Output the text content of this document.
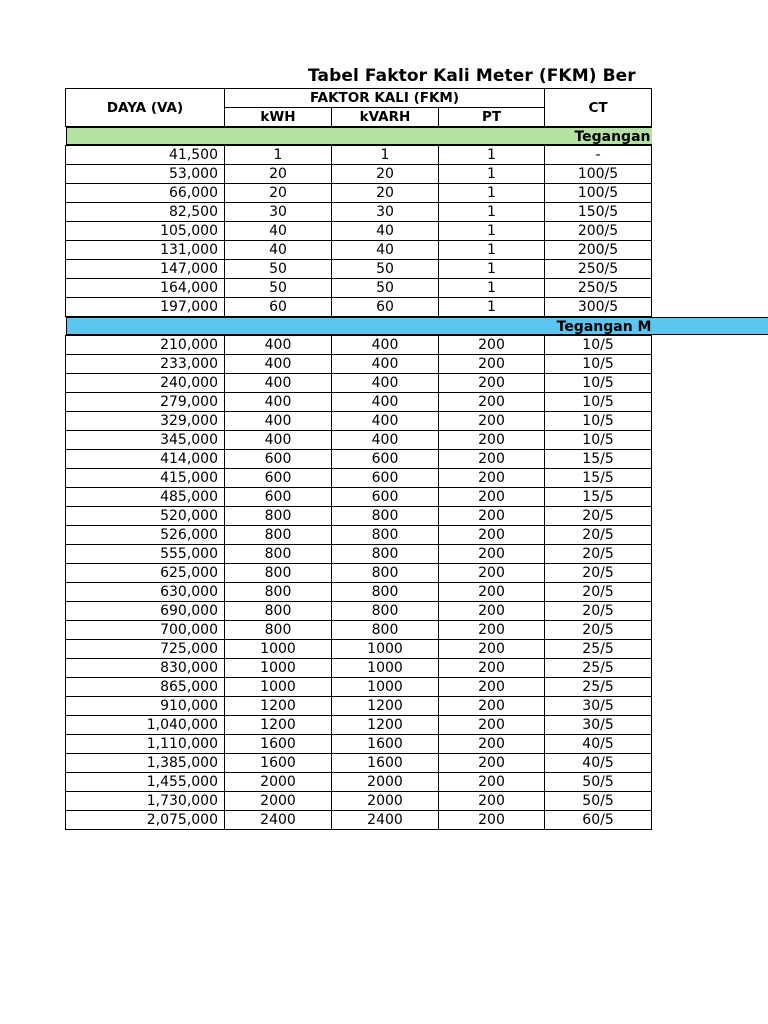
Tabel Faktor Kali Meter (FKM) Ber
DAYA (VA)	FAKTOR KALI (FKM)			CT
	kWH	kVARH	PT	

Tegangan				

41,500	1	1	1	-
53,000	20	20	1	100/5
66,000	20	20	1	100/5
82,500	30	30	1	150/5
105,000	40	40	1	200/5
131,000	40	40	1	200/5
147,000	50	50	1	250/5
164,000	50	50	1	250/5
197,000	60	60	1	300/5

Tegangan M				

210,000	400	400	200	10/5
233,000	400	400	200	10/5
240,000	400	400	200	10/5
279,000	400	400	200	10/5
329,000	400	400	200	10/5
345,000	400	400	200	10/5
414,000	600	600	200	15/5
415,000	600	600	200	15/5
485,000	600	600	200	15/5
520,000	800	800	200	20/5
526,000	800	800	200	20/5
555,000	800	800	200	20/5
625,000	800	800	200	20/5
630,000	800	800	200	20/5
690,000	800	800	200	20/5
700,000	800	800	200	20/5
725,000	1000	1000	200	25/5
830,000	1000	1000	200	25/5
865,000	1000	1000	200	25/5
910,000	1200	1200	200	30/5
1,040,000	1200	1200	200	30/5
1,110,000	1600	1600	200	40/5
1,385,000	1600	1600	200	40/5
1,455,000	2000	2000	200	50/5
1,730,000	2000	2000	200	50/5
2,075,000	2400	2400	200	60/5
